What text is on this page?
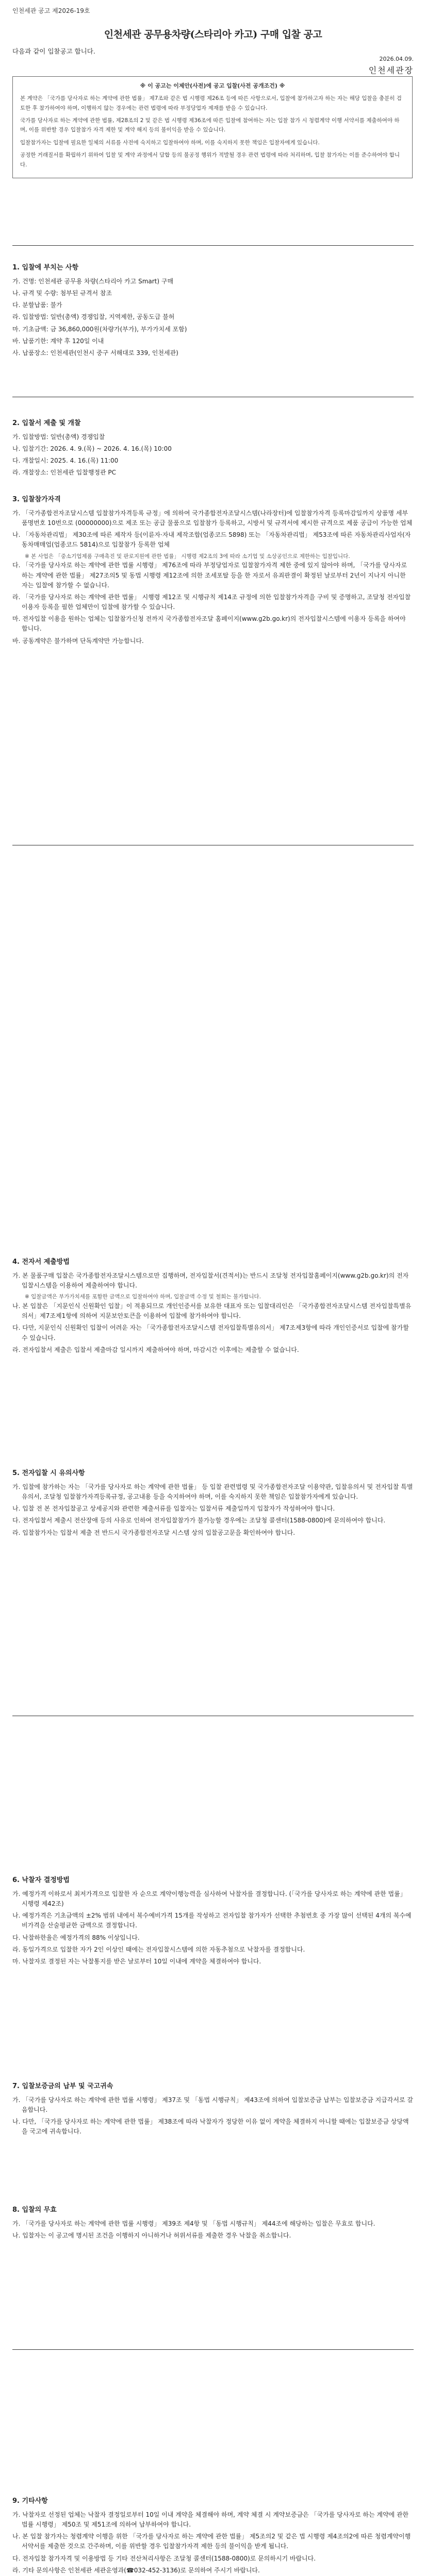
인천세관 공고 제2026-19호
인천세관 공무용차량(스타리아 카고) 구매 입찰 공고
다음과 같이 입찰공고 합니다.
2026.04.09.
인천세관장
※ 이 공고는 이제안(사전)에 공고 입찰(사전 공개조건) ※

본 계약은 「국가를 당사자로 하는 계약에 관한 법률」 제7조와 같은 법 시행령 제26조 등에 따른 사항으로서, 입찰에 참가하고자 하는 자는 해당 입찰을 충분히 검토한 후 참가하여야 하며, 이행하지 않는 경우에는 관련 법령에 따라 부정당업자 제재를 받을 수 있습니다.

국가를 당사자로 하는 계약에 관한 법률, 제28조의 2 및 같은 법 시행령 제36조에 따른 입찰에 참여하는 자는 입찰 참가 시 청렴계약 이행 서약서를 제출하여야 하며, 이를 위반할 경우 입찰참가 자격 제한 및 계약 해지 등의 불이익을 받을 수 있습니다.

입찰참가자는 입찰에 필요한 일체의 서류를 사전에 숙지하고 입찰하여야 하며, 이를 숙지하지 못한 책임은 입찰자에게 있습니다.

공정한 거래질서를 확립하기 위하여 입찰 및 계약 과정에서 담합 등의 불공정 행위가 적발될 경우 관련 법령에 따라 처리하며, 입찰 참가자는 이를 준수하여야 합니다.

1. 입찰에 부치는 사항
가. 건명: 인천세관 공무용 차량(스타리아 카고 Smart) 구매
나. 규격 및 수량: 첨부된 규격서 참조
다. 분할납품: 불가
라. 입찰방법: 일반(총액) 경쟁입찰, 지역제한, 공동도급 불허
마. 기초금액: 금 36,860,000원(차량가(부가), 부가가치세 포함)
바. 납품기한: 계약 후 120일 이내
사. 납품장소: 인천세관(인천시 중구 서해대로 339, 인천세관)
2. 입찰서 제출 및 개찰
가. 입찰방법: 일반(총액) 경쟁입찰
나. 입찰기간: 2026. 4. 9.(목) ~ 2026. 4. 16.(목) 10:00
다. 개찰일시: 2025. 4. 16.(목) 11:00
라. 개찰장소: 인천세관 입찰행정관 PC
3. 입찰참가자격
가. 「국가종합전자조달시스템 입찰참가자격등록 규정」에 의하여 국가종합전자조달시스템(나라장터)에 입찰참가자격 등록마감일까지 상품명 세부품명번호 10번으로 (00000000)으로 제조 또는 공급 물품으로 입찰참가 등록하고, 시방서 및 규격서에 제시한 규격으로 제품 공급이 가능한 업체
나. 「자동차관리법」 제30조에 따른 제작자 등(이륜자·자내 제작조합(업종코드 5898) 또는 「자동차관리법」 제53조에 따른 자동차관리사업자(자동차매매업(업종코드 5814)으로 입찰참가 등록한 업체
※ 본 사업은 「중소기업제품 구매촉진 및 판로지원에 관한 법률」 시행령 제2조의 3에 따라 소기업 및 소상공인으로 제한하는 입찰입니다.
다. 「국가를 당사자로 하는 계약에 관한 법률 시행령」 제76조에 따라 부정당업자로 입찰참가자격 제한 중에 있지 않아야 하며, 「국가를 당사자로 하는 계약에 관한 법률」 제27조의5 및 동법 시행령 제12조에 의한 조세포탈 등을 한 자로서 유죄판결이 확정된 날로부터 2년이 지나지 아니한 자는 입찰에 참가할 수 없습니다.
라. 「국가를 당사자로 하는 계약에 관한 법률」 시행령 제12조 및 시행규칙 제14조 규정에 의한 입찰참가자격을 구비 및 증명하고, 조달청 전자입찰 이용자 등록을 필한 업체만이 입찰에 참가할 수 있습니다.
마. 전자입찰 이용을 원하는 업체는 입찰참가신청 전까지 국가종합전자조달 홈페이지(www.g2b.go.kr)의 전자입찰시스템에 이용자 등록을 하여야 합니다.
바. 공동계약은 불가하며 단독계약만 가능합니다.
4. 전자서 제출방법
가. 본 물품구매 입찰은 국가종합전자조달시스템으로만 집행하며, 전자입찰서(견적서)는 반드시 조달청 전자입찰홈페이지(www.g2b.go.kr)의 전자입찰시스템을 이용하여 제출하여야 합니다.
※ 입찰금액은 부가가치세를 포함한 금액으로 입찰하여야 하며, 입찰금액 수정 및 철회는 불가합니다.
나. 본 입찰은 「지문인식 신원확인 입찰」이 적용되므로 개인인증서를 보유한 대표자 또는 입찰대리인은 「국가종합전자조달시스템 전자입찰특별유의서」제7조제1항에 의하여 지문보안토큰을 이용하여 입찰에 참가하여야 합니다.
다. 다만, 지문인식 신원확인 입찰이 어려운 자는 「국가종합전자조달시스템 전자입찰특별유의서」 제7조제3항에 따라 개인인증서로 입찰에 참가할 수 있습니다.
라. 전자입찰서 제출은 입찰서 제출마감 일시까지 제출하여야 하며, 마감시간 이후에는 제출할 수 없습니다.
5. 전자입찰 시 유의사항
가. 입찰에 참가하는 자는 「국가를 당사자로 하는 계약에 관한 법률」 등 입찰 관련법령 및 국가종합전자조달 이용약관, 입찰유의서 및 전자입찰 특별유의서, 조달청 입찰참가자격등록규정, 공고내용 등을 숙지하여야 하며, 이를 숙지하지 못한 책임은 입찰참가자에게 있습니다.
나. 입찰 전 본 전자입찰공고 상세공지와 관련한 제출서류를 입찰자는 입찰서류 제출일까지 입찰자가 작성하여야 합니다.
다. 전자입찰서 제출시 전산장애 등의 사유로 인하여 전자입찰참가가 불가능할 경우에는 조달청 콜센터(1588-0800)에 문의하여야 합니다.
라. 입찰참가자는 입찰서 제출 전 반드시 국가종합전자조달 시스템 상의 입찰공고문을 확인하여야 합니다.
6. 낙찰자 결정방법
가. 예정가격 이하로서 최저가격으로 입찰한 자 순으로 계약이행능력을 심사하여 낙찰자를 결정합니다. (「국가를 당사자로 하는 계약에 관한 법률」 시행령 제42조)
나. 예정가격은 기초금액의 ±2% 범위 내에서 복수예비가격 15개를 작성하고 전자입찰 참가자가 선택한 추첨번호 중 가장 많이 선택된 4개의 복수예비가격을 산술평균한 금액으로 결정합니다.
다. 낙찰하한율은 예정가격의 88% 이상입니다.
라. 동일가격으로 입찰한 자가 2인 이상인 때에는 전자입찰시스템에 의한 자동추첨으로 낙찰자를 결정합니다.
마. 낙찰자로 결정된 자는 낙찰통지를 받은 날로부터 10일 이내에 계약을 체결하여야 합니다.
7. 입찰보증금의 납부 및 국고귀속
가. 「국가를 당사자로 하는 계약에 관한 법률 시행령」 제37조 및 「동법 시행규칙」 제43조에 의하여 입찰보증금 납부는 입찰보증금 지급각서로 갈음합니다.
나. 다만, 「국가를 당사자로 하는 계약에 관한 법률」 제38조에 따라 낙찰자가 정당한 이유 없이 계약을 체결하지 아니할 때에는 입찰보증금 상당액을 국고에 귀속합니다.
8. 입찰의 무효
가. 「국가를 당사자로 하는 계약에 관한 법률 시행령」 제39조 제4항 및 「동법 시행규칙」 제44조에 해당하는 입찰은 무효로 합니다.
나. 입찰자는 이 공고에 명시된 조건을 이행하지 아니하거나 허위서류를 제출한 경우 낙찰을 취소합니다.
9. 기타사항
가. 낙찰자로 선정된 업체는 낙찰자 결정일로부터 10일 이내 계약을 체결해야 하며, 계약 체결 시 계약보증금은 「국가를 당사자로 하는 계약에 관한 법률 시행령」 제50조 및 제51조에 의하여 납부하여야 합니다.
나. 본 입찰 참가자는 청렴계약 이행을 위한 「국가를 당사자로 하는 계약에 관한 법률」 제5조의2 및 같은 법 시행령 제4조의2에 따른 청렴계약이행서약서를 제출한 것으로 간주하며, 이를 위반할 경우 입찰참가자격 제한 등의 불이익을 받게 됩니다.
다. 전자입찰 참가자격 및 이용방법 등 기타 전산처리사항은 조달청 콜센터(1588-0800)로 문의하시기 바랍니다.
라. 기타 문의사항은 인천세관 세관운영과(☎032-452-3136)로 문의하여 주시기 바랍니다.
